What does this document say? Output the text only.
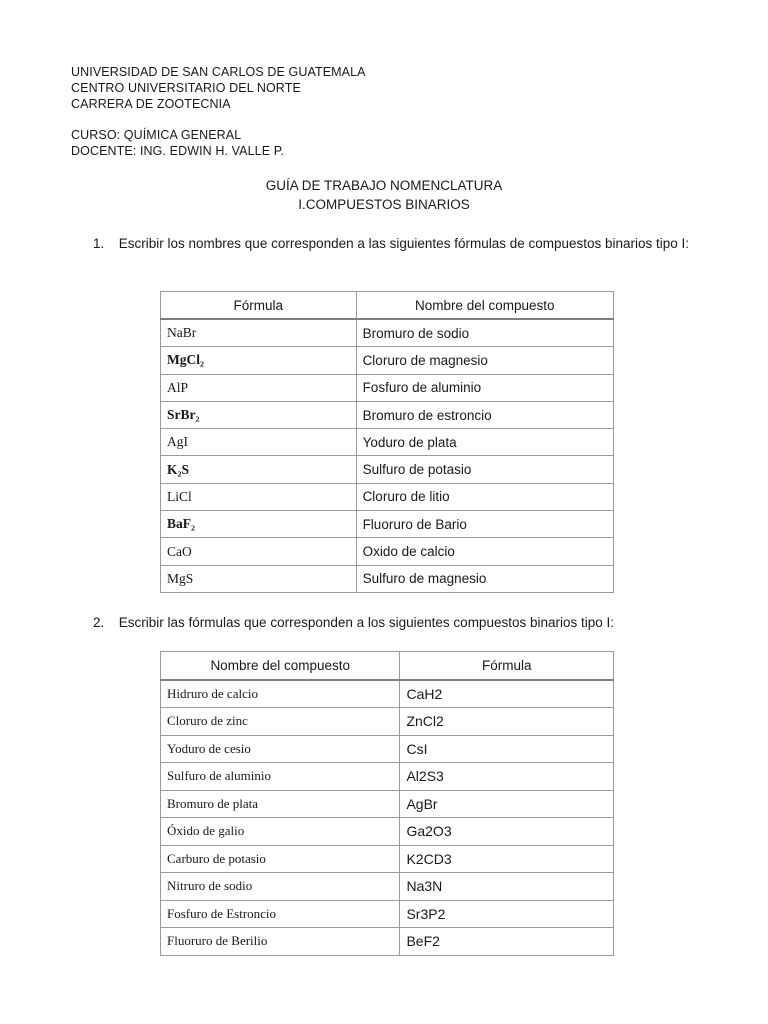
UNIVERSIDAD DE SAN CARLOS DE GUATEMALA
CENTRO UNIVERSITARIO DEL NORTE
CARRERA DE ZOOTECNIA
CURSO: QUÍMICA GENERAL
DOCENTE: ING. EDWIN H. VALLE P.
GUÍA DE TRABAJO NOMENCLATURA
I.COMPUESTOS BINARIOS
1. Escribir los nombres que corresponden a las siguientes fórmulas de compuestos binarios tipo I:
Fórmula	Nombre del compuesto
NaBr	Bromuro de sodio
MgCl₂	Cloruro de magnesio
AlP	Fosfuro de aluminio
SrBr₂	Bromuro de estroncio
AgI	Yoduro de plata
K₂S	Sulfuro de potasio
LiCl	Cloruro de litio
BaF₂	Fluoruro de Bario
CaO	Oxido de calcio
MgS	Sulfuro de magnesio
2. Escribir las fórmulas que corresponden a los siguientes compuestos binarios tipo I:
Nombre del compuesto	Fórmula
Hidruro de calcio	CaH2
Cloruro de zinc	ZnCl2
Yoduro de cesio	CsI
Sulfuro de aluminio	Al2S3
Bromuro de plata	AgBr
Óxido de galio	Ga2O3
Carburo de potasio	K2CD3
Nitruro de sodio	Na3N
Fosfuro de Estroncio	Sr3P2
Fluoruro de Berilio	BeF2
